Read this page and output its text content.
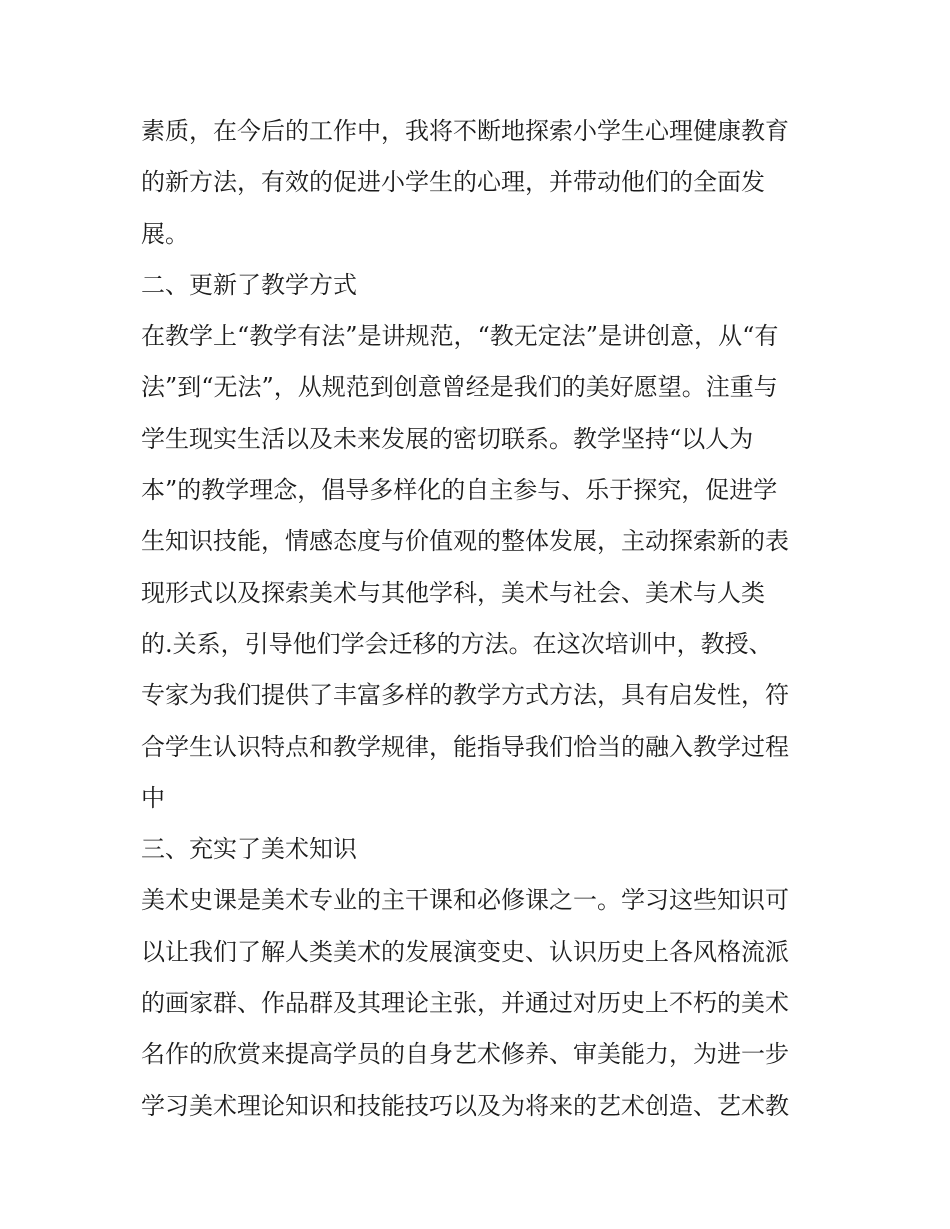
素质，在今后的工作中，我将不断地探索小学生心理健康教育
的新方法，有效的促进小学生的心理，并带动他们的全面发
展。
二、更新了教学方式
在教学上“教学有法”是讲规范，“教无定法”是讲创意，从“有
法”到“无法”，从规范到创意曾经是我们的美好愿望。注重与
学生现实生活以及未来发展的密切联系。教学坚持“以人为
本”的教学理念，倡导多样化的自主参与、乐于探究，促进学
生知识技能，情感态度与价值观的整体发展，主动探索新的表
现形式以及探索美术与其他学科，美术与社会、美术与人类
的.关系，引导他们学会迁移的方法。在这次培训中，教授、
专家为我们提供了丰富多样的教学方式方法，具有启发性，符
合学生认识特点和教学规律，能指导我们恰当的融入教学过程
中
三、充实了美术知识
美术史课是美术专业的主干课和必修课之一。学习这些知识可
以让我们了解人类美术的发展演变史、认识历史上各风格流派
的画家群、作品群及其理论主张，并通过对历史上不朽的美术
名作的欣赏来提高学员的自身艺术修养、审美能力，为进一步
学习美术理论知识和技能技巧以及为将来的艺术创造、艺术教
